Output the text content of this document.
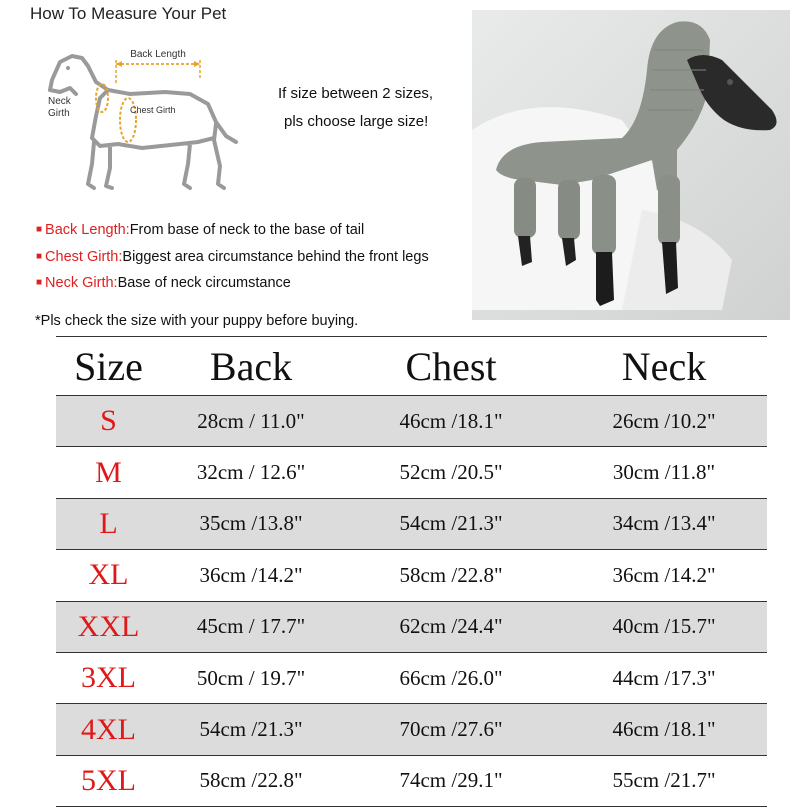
How To Measure Your Pet
Back Length
Neck
Girth	Chest Girth
If size between 2 sizes,
pls choose large size!
■ Back Length:From base of neck to the base of tail
■ Chest Girth:Biggest area circumstance behind the front legs
■ Neck Girth:Base of neck circumstance
*Pls check the size with your puppy before buying.
Size	Back	Chest	Neck
S	28cm / 11.0"	46cm /18.1"	26cm /10.2"
M	32cm / 12.6"	52cm /20.5"	30cm /11.8"
L	35cm /13.8"	54cm /21.3"	34cm /13.4"
XL	36cm /14.2"	58cm /22.8"	36cm /14.2"
XXL	45cm / 17.7"	62cm /24.4"	40cm /15.7"
3XL	50cm / 19.7"	66cm /26.0"	44cm /17.3"
4XL	54cm /21.3"	70cm /27.6"	46cm /18.1"
5XL	58cm /22.8"	74cm /29.1"	55cm /21.7"
